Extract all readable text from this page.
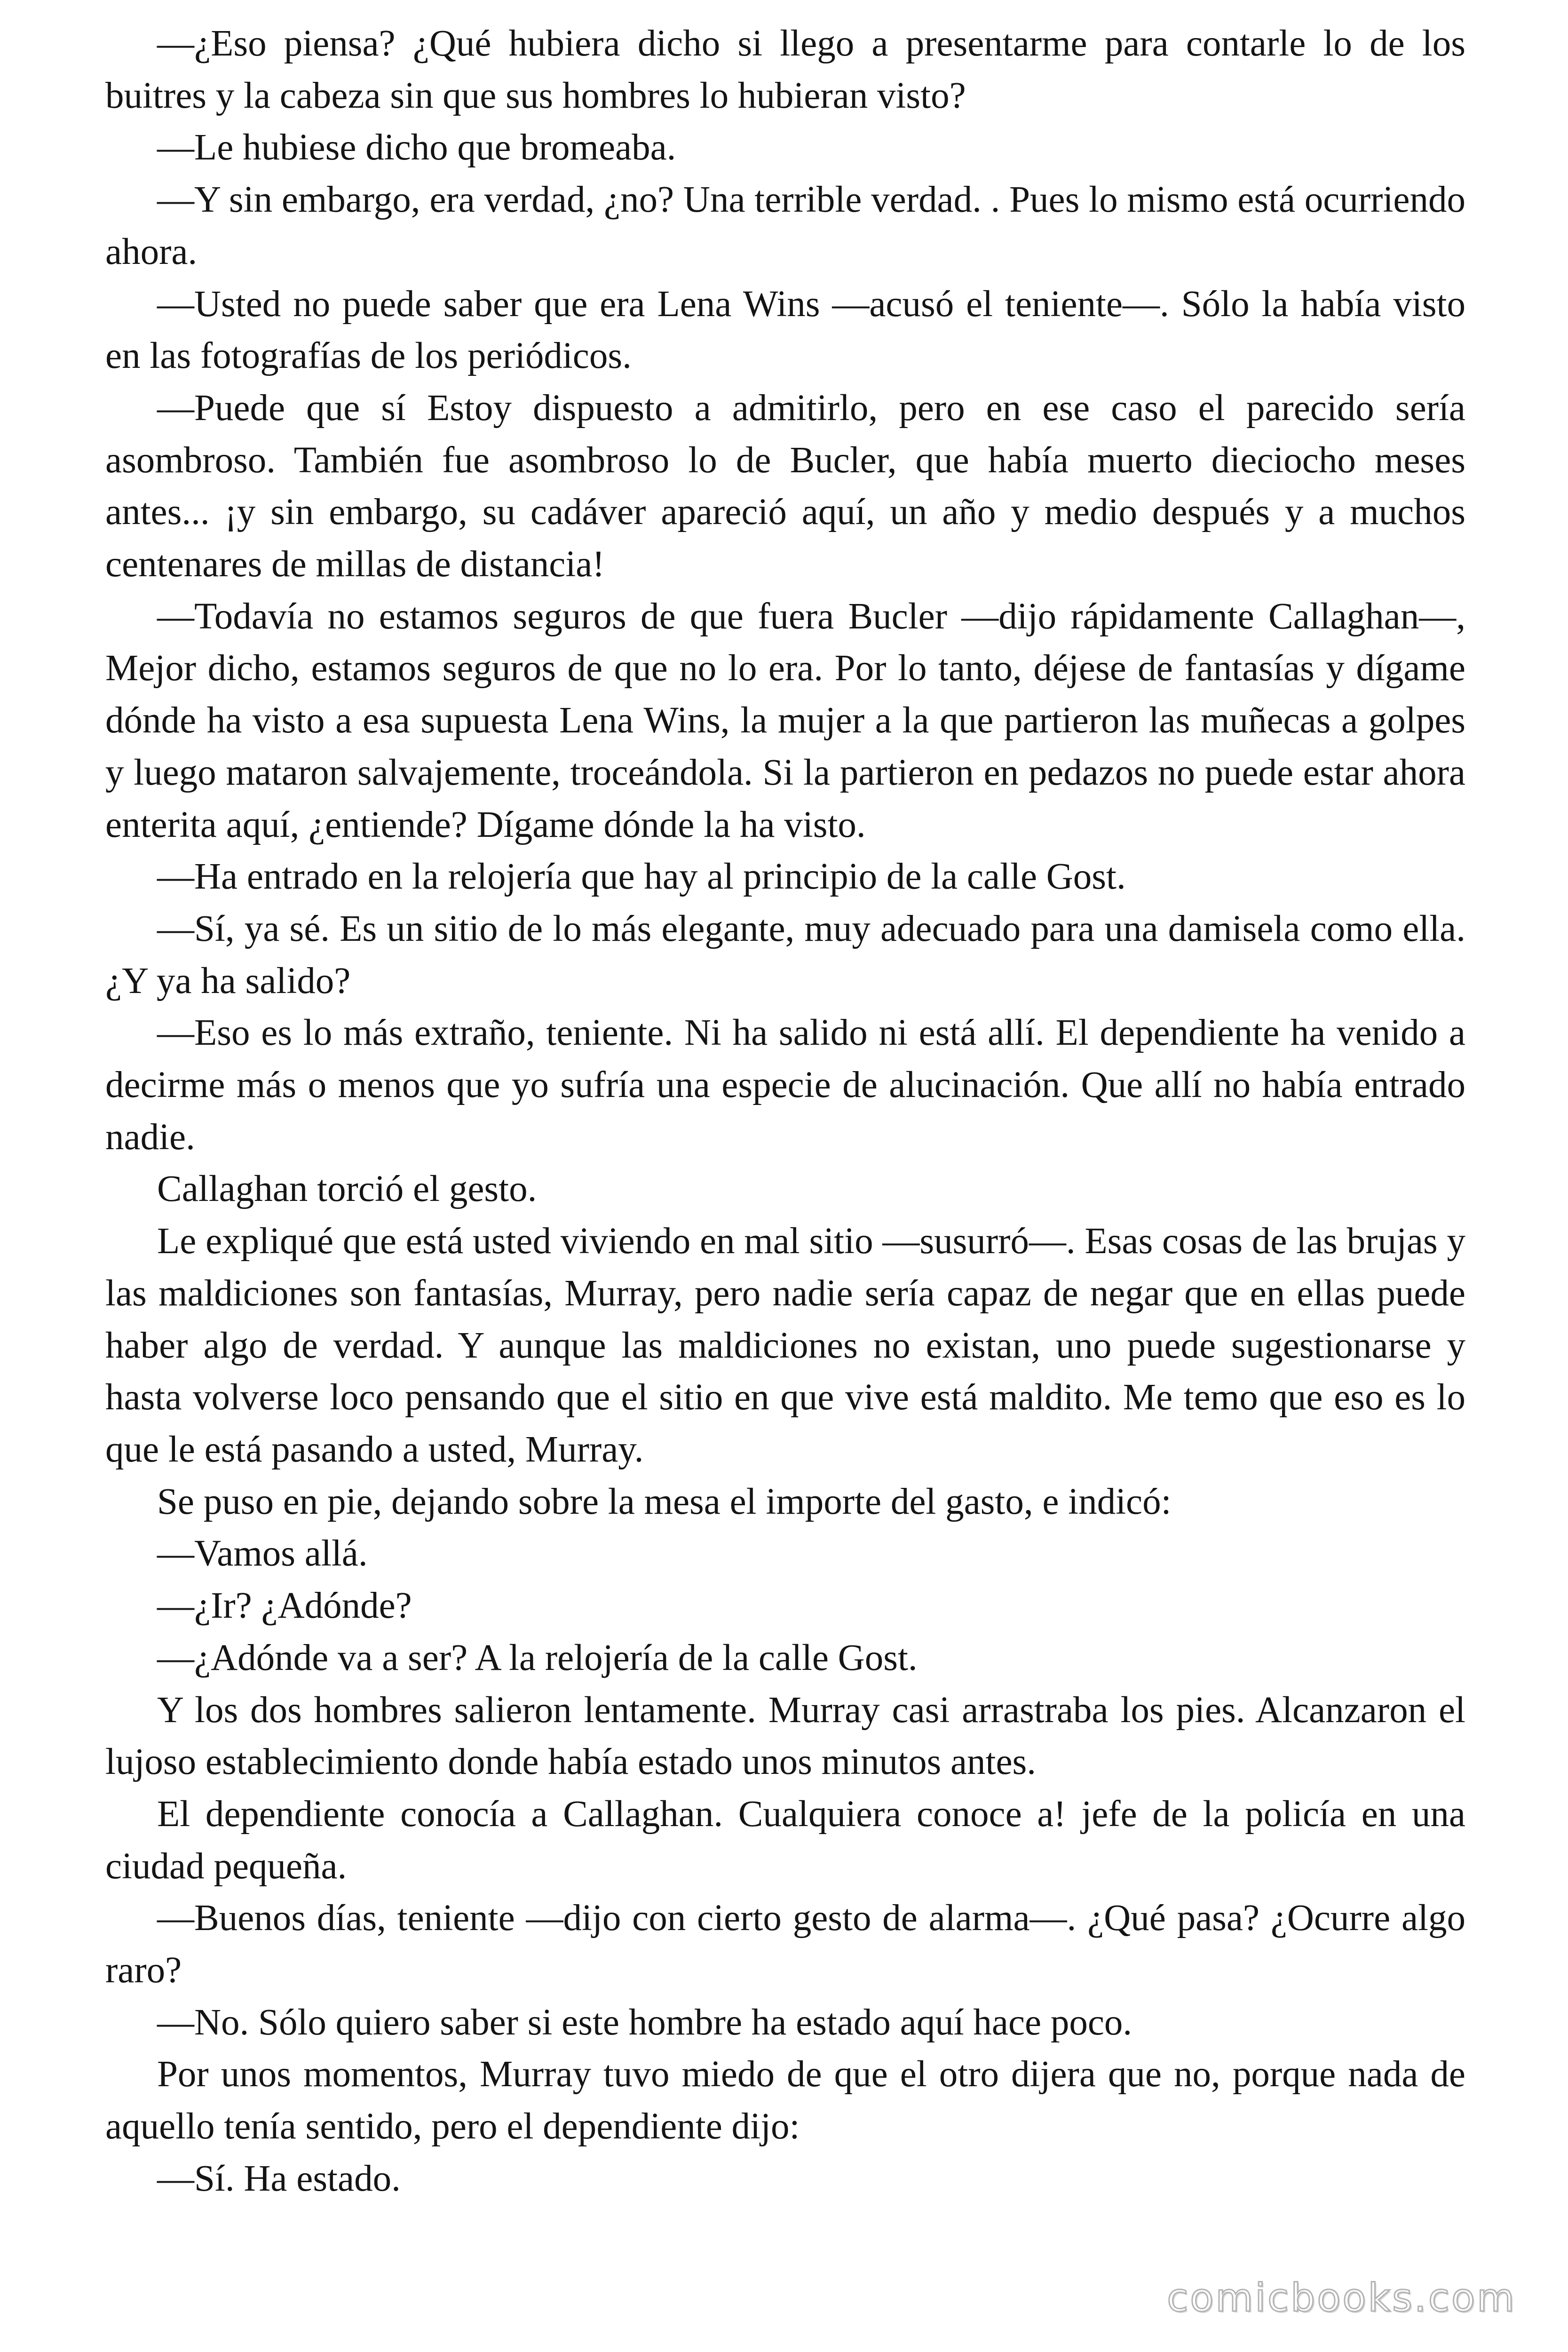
—¿Eso piensa? ¿Qué hubiera dicho si llego a presentarme para contarle lo de los buitres y la cabeza sin que sus hombres lo hubieran visto?

—Le hubiese dicho que bromeaba.

—Y sin embargo, era verdad, ¿no? Una terrible verdad. . Pues lo mismo está ocurriendo ahora.

—Usted no puede saber que era Lena Wins —acusó el teniente—. Sólo la había visto en las fotografías de los periódicos.

—Puede que sí Estoy dispuesto a admitirlo, pero en ese caso el parecido sería asombroso. También fue asombroso lo de Bucler, que había muerto dieciocho meses antes... ¡y sin embargo, su cadáver apareció aquí, un año y medio después y a muchos centenares de millas de distancia!

—Todavía no estamos seguros de que fuera Bucler —dijo rápidamente Callaghan—, Mejor dicho, estamos seguros de que no lo era. Por lo tanto, déjese de fantasías y dígame dónde ha visto a esa supuesta Lena Wins, la mujer a la que partieron las muñecas a golpes y luego mataron salvajemente, troceándola. Si la partieron en pedazos no puede estar ahora enterita aquí, ¿entiende? Dígame dónde la ha visto.

—Ha entrado en la relojería que hay al principio de la calle Gost.

—Sí, ya sé. Es un sitio de lo más elegante, muy adecuado para una damisela como ella. ¿Y ya ha salido?

—Eso es lo más extraño, teniente. Ni ha salido ni está allí. El dependiente ha venido a decirme más o menos que yo sufría una especie de alucinación. Que allí no había entrado nadie.

Callaghan torció el gesto.

Le expliqué que está usted viviendo en mal sitio —susurró—. Esas cosas de las brujas y las maldiciones son fantasías, Murray, pero nadie sería capaz de negar que en ellas puede haber algo de verdad. Y aunque las maldiciones no existan, uno puede sugestionarse y hasta volverse loco pensando que el sitio en que vive está maldito. Me temo que eso es lo que le está pasando a usted, Murray.

Se puso en pie, dejando sobre la mesa el importe del gasto, e indicó:

—Vamos allá.

—¿Ir? ¿Adónde?

—¿Adónde va a ser? A la relojería de la calle Gost.

Y los dos hombres salieron lentamente. Murray casi arrastraba los pies. Alcanzaron el lujoso establecimiento donde había estado unos minutos antes.

El dependiente conocía a Callaghan. Cualquiera conoce a! jefe de la policía en una ciudad pequeña.

—Buenos días, teniente —dijo con cierto gesto de alarma—. ¿Qué pasa? ¿Ocurre algo raro?

—No. Sólo quiero saber si este hombre ha estado aquí hace poco.

Por unos momentos, Murray tuvo miedo de que el otro dijera que no, porque nada de aquello tenía sentido, pero el dependiente dijo:

—Sí. Ha estado.

comicbooks.com
